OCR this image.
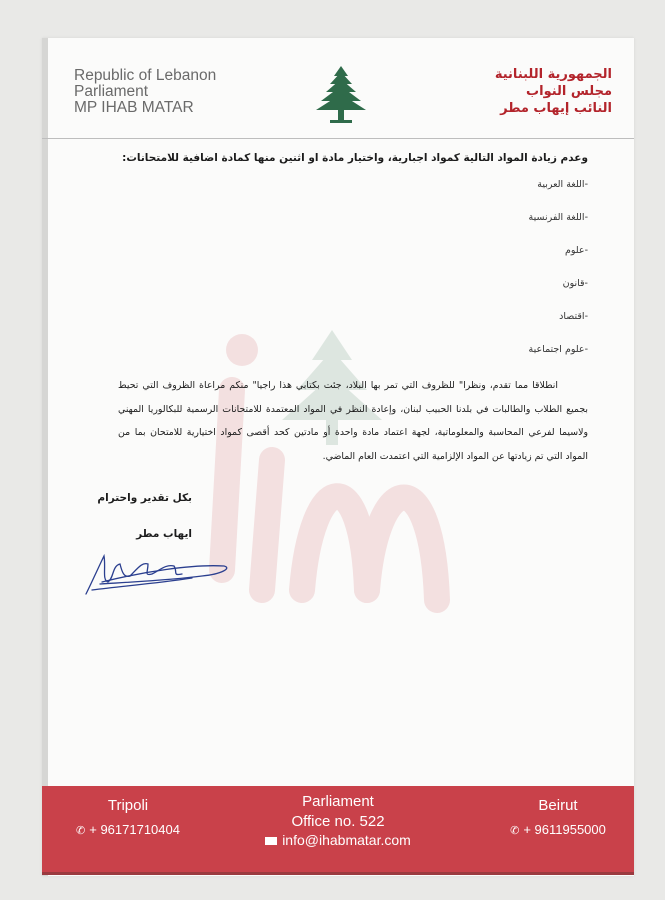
Republic of Lebanon
Parliament
MP IHAB MATAR
الجمهورية اللبنانية
مجلس النواب
النائب إيهاب مطر
وعدم زيادة المواد التالية كمواد اجبارية، واختيار مادة او اثنين منها كمادة اضافية للامتحانات:
-اللغة العربية
-اللغة الفرنسية
-علوم
-قانون
-اقتصاد
-علوم اجتماعية
انطلاقا مما تقدم، ونظرا" للظروف التي تمر بها البلاد، جئت بكتابي هذا راجيا" منكم مراعاة الظروف التي تحيط بجميع الطلاب والطالبات في بلدنا الحبيب لبنان، وإعادة النظر في المواد المعتمدة للامتحانات الرسمية للبكالوريا المهني ولاسيما لفرعي المحاسبة والمعلوماتية، لجهة اعتماد مادة واحدة أو مادتين كحد أقصى كمواد اختيارية للامتحان بما من المواد التي تم زيادتها عن المواد الإلزامية التي اعتمدت العام الماضي.
بكل تقدير واحترام
ايهاب مطر
Tripoli
✆ + 96171710404
Parliament
Office no. 522
info@ihabmatar.com
Beirut
✆ + 9611955000
